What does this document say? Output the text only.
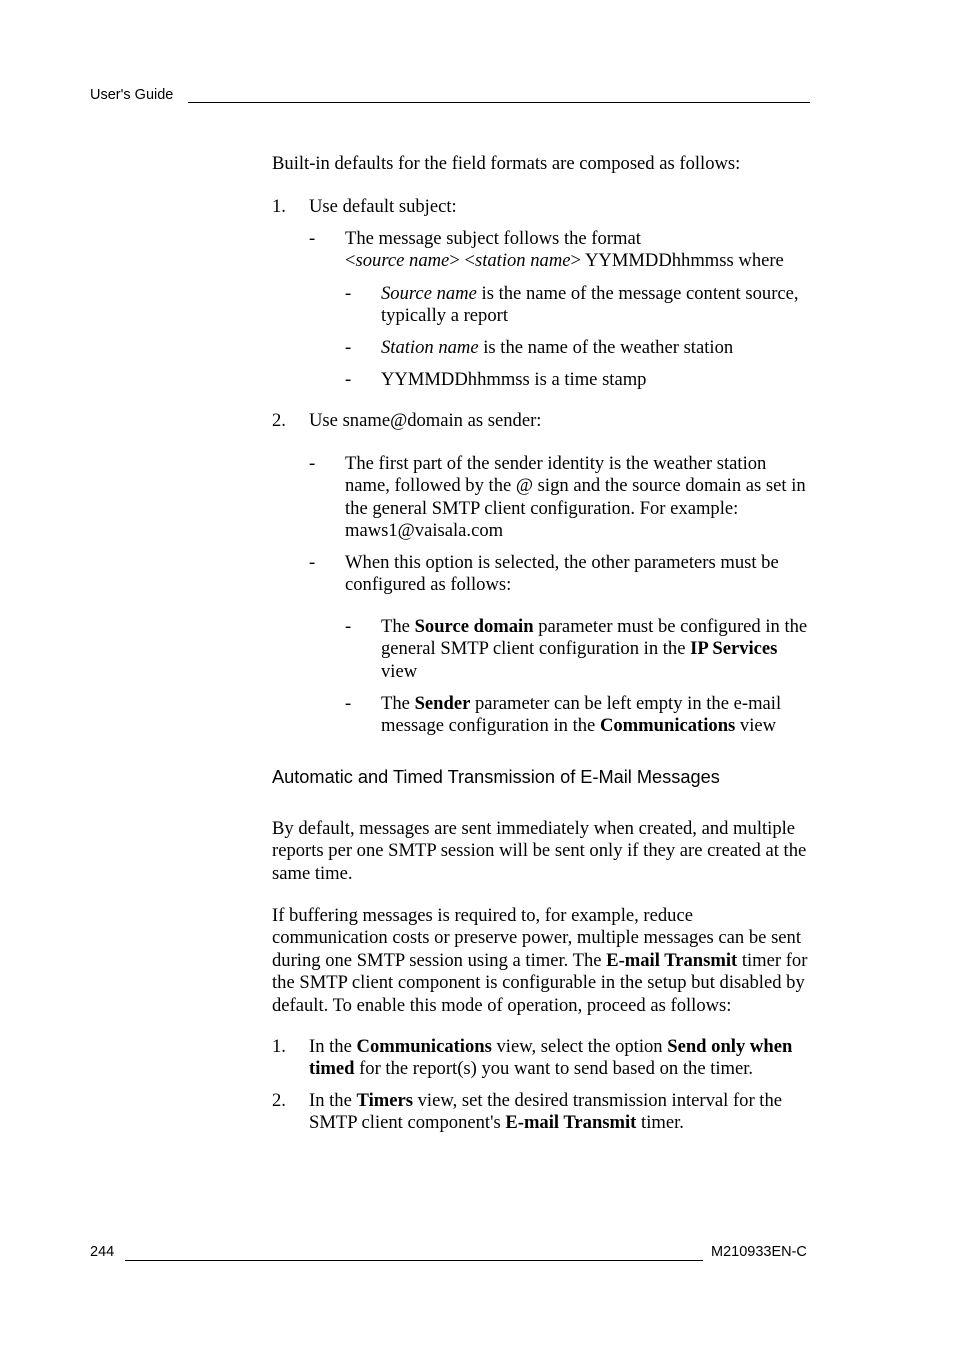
User's Guide
Built-in defaults for the field formats are composed as follows:
1. Use default subject:
- The message subject follows the format
<source name> <station name> YYMMDDhhmmss where
- Source name is the name of the message content source,
typically a report
- Station name is the name of the weather station
- YYMMDDhhmmss is a time stamp
2. Use sname@domain as sender:
- The first part of the sender identity is the weather station
name, followed by the @ sign and the source domain as set in
the general SMTP client configuration. For example:
maws1@vaisala.com
- When this option is selected, the other parameters must be
configured as follows:
- The Source domain parameter must be configured in the
general SMTP client configuration in the IP Services
view
- The Sender parameter can be left empty in the e-mail
message configuration in the Communications view
Automatic and Timed Transmission of E-Mail Messages
By default, messages are sent immediately when created, and multiple
reports per one SMTP session will be sent only if they are created at the
same time.
If buffering messages is required to, for example, reduce
communication costs or preserve power, multiple messages can be sent
during one SMTP session using a timer. The E-mail Transmit timer for
the SMTP client component is configurable in the setup but disabled by
default. To enable this mode of operation, proceed as follows:
1. In the Communications view, select the option Send only when
timed for the report(s) you want to send based on the timer.
2. In the Timers view, set the desired transmission interval for the
SMTP client component's E-mail Transmit timer.
244	M210933EN-C
